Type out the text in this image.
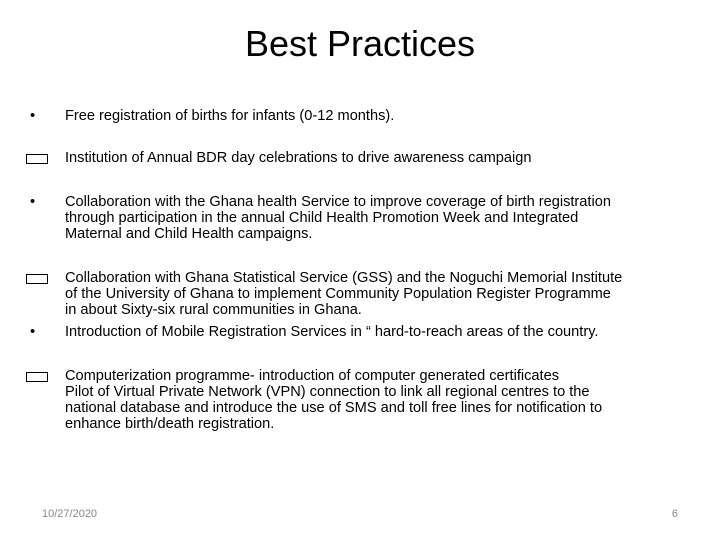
Best Practices
•	Free registration of births for infants (0-12 months).
Institution of Annual BDR day celebrations to drive awareness campaign
•	Collaboration with the Ghana health Service to improve coverage of birth registration
through participation in the annual Child Health Promotion Week and Integrated
Maternal and Child Health campaigns.
Collaboration with Ghana Statistical Service (GSS) and the Noguchi Memorial Institute
of the University of Ghana to implement Community Population Register Programme
in about Sixty-six rural communities in Ghana.
•	Introduction of Mobile Registration Services in “ hard-to-reach areas of the country.
Computerization programme- introduction of computer generated certificates
Pilot of Virtual Private Network (VPN) connection to link all regional centres to the
national database and introduce the use of SMS and toll free lines for notification to
enhance birth/death registration.
10/27/2020	6
